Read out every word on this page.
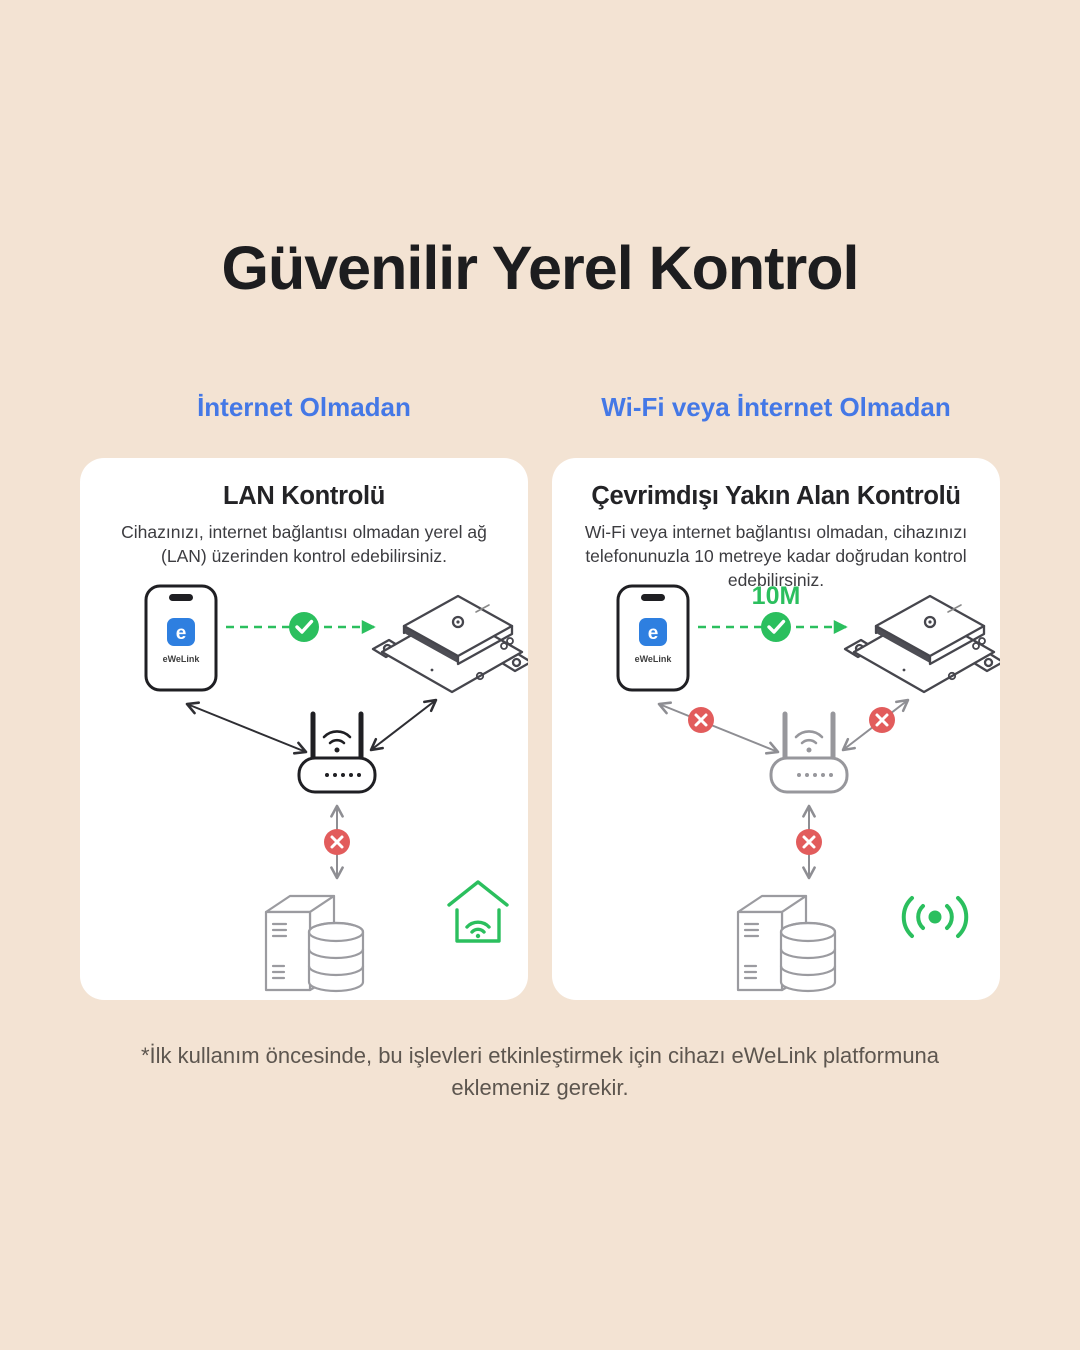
Güvenilir Yerel Kontrol
İnternet Olmadan	Wi-Fi veya İnternet Olmadan
LAN Kontrolü

Cihazınızı, internet bağlantısı olmadan yerel ağ (LAN) üzerinden kontrol edebilirsiniz.

e
eWeLink
Çevrimdışı Yakın Alan Kontrolü

Wi-Fi veya internet bağlantısı olmadan, cihazınızı telefonunuzla 10 metreye kadar doğrudan kontrol edebilirsiniz.

10M
e
eWeLink

*İlk kullanım öncesinde, bu işlevleri etkinleştirmek için cihazı eWeLink platformuna eklemeniz gerekir.
